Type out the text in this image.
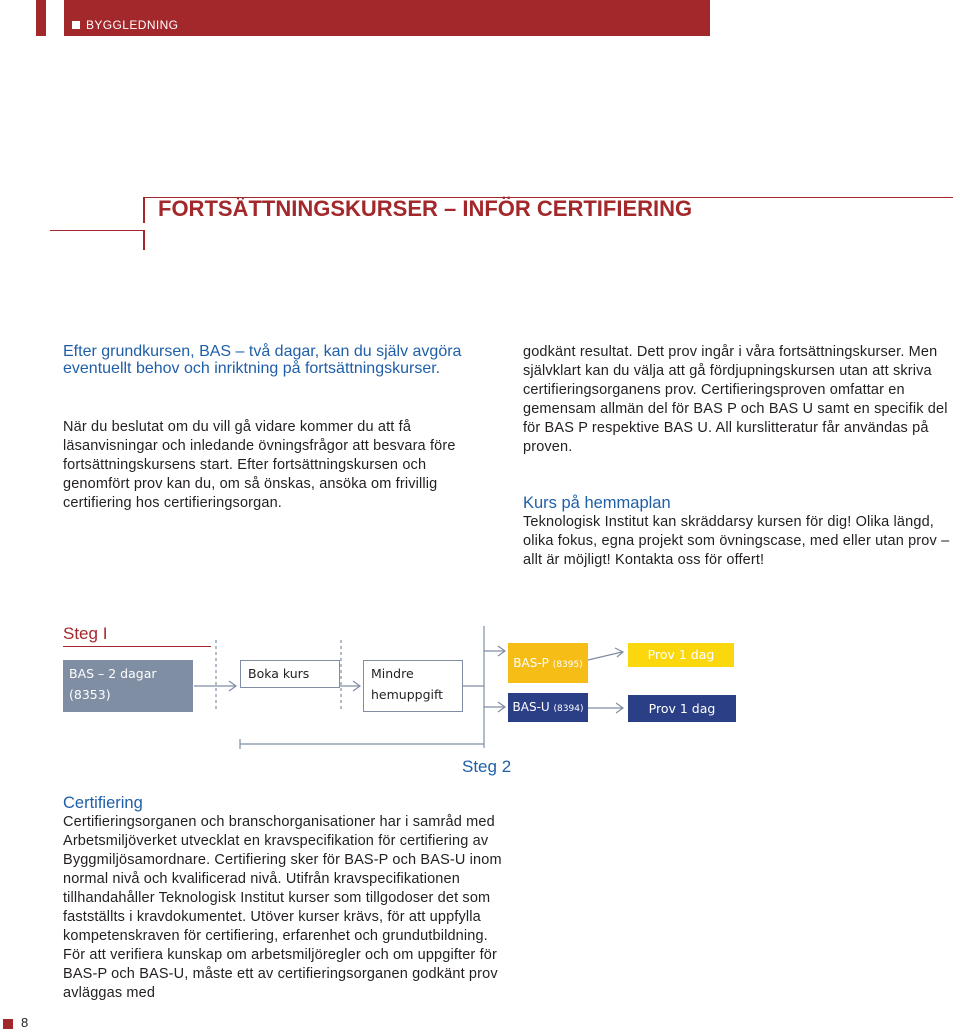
BYGGLEDNING
FORTSÄTTNINGSKURSER – INFÖR CERTIFIERING
Efter grundkursen, BAS – två dagar, kan du själv avgöra eventuellt behov och inriktning på fortsättningskurser.
När du beslutat om du vill gå vidare kommer du att få läsanvisningar och inledande övningsfrågor att besvara före fortsättningskursens start. Efter fortsättningskursen och genomfört prov kan du, om så önskas, ansöka om frivillig certifiering hos certifieringsorgan.
godkänt resultat. Dett prov ingår i våra fortsättningskurser. Men självklart kan du välja att gå fördjupningskursen utan att skriva certifieringsorganens prov. Certifieringsproven omfattar en gemensam allmän del för BAS P och BAS U samt en specifik del för BAS P respektive BAS U. All kurslitteratur får användas på proven.
Kurs på hemmaplan
Teknologisk Institut kan skräddarsy kursen för dig! Olika längd, olika fokus, egna projekt som övningscase, med eller utan prov – allt är möjligt! Kontakta oss för offert!
Steg I
BAS – 2 dagar
(8353)
Boka kurs	Mindre
hemuppgift
BAS-P (8395)
BAS-U (8394)
Prov 1 dag
Prov 1 dag
Steg 2
Certifiering
Certifieringsorganen och branschorganisationer har i samråd med Arbetsmiljöverket utvecklat en kravspecifikation för certifiering av Byggmiljösamordnare. Certifiering sker för BAS-P och BAS-U inom normal nivå och kvalificerad nivå. Utifrån kravspecifikationen tillhandahåller Teknologisk Institut kurser som tillgodoser det som fastställts i kravdokumentet. Utöver kurser krävs, för att uppfylla kompetenskraven för certifiering, erfarenhet och grundutbildning. För att verifiera kunskap om arbetsmiljöregler och om uppgifter för BAS-P och BAS-U, måste ett av certifieringsorganen godkänt prov avläggas med
8
